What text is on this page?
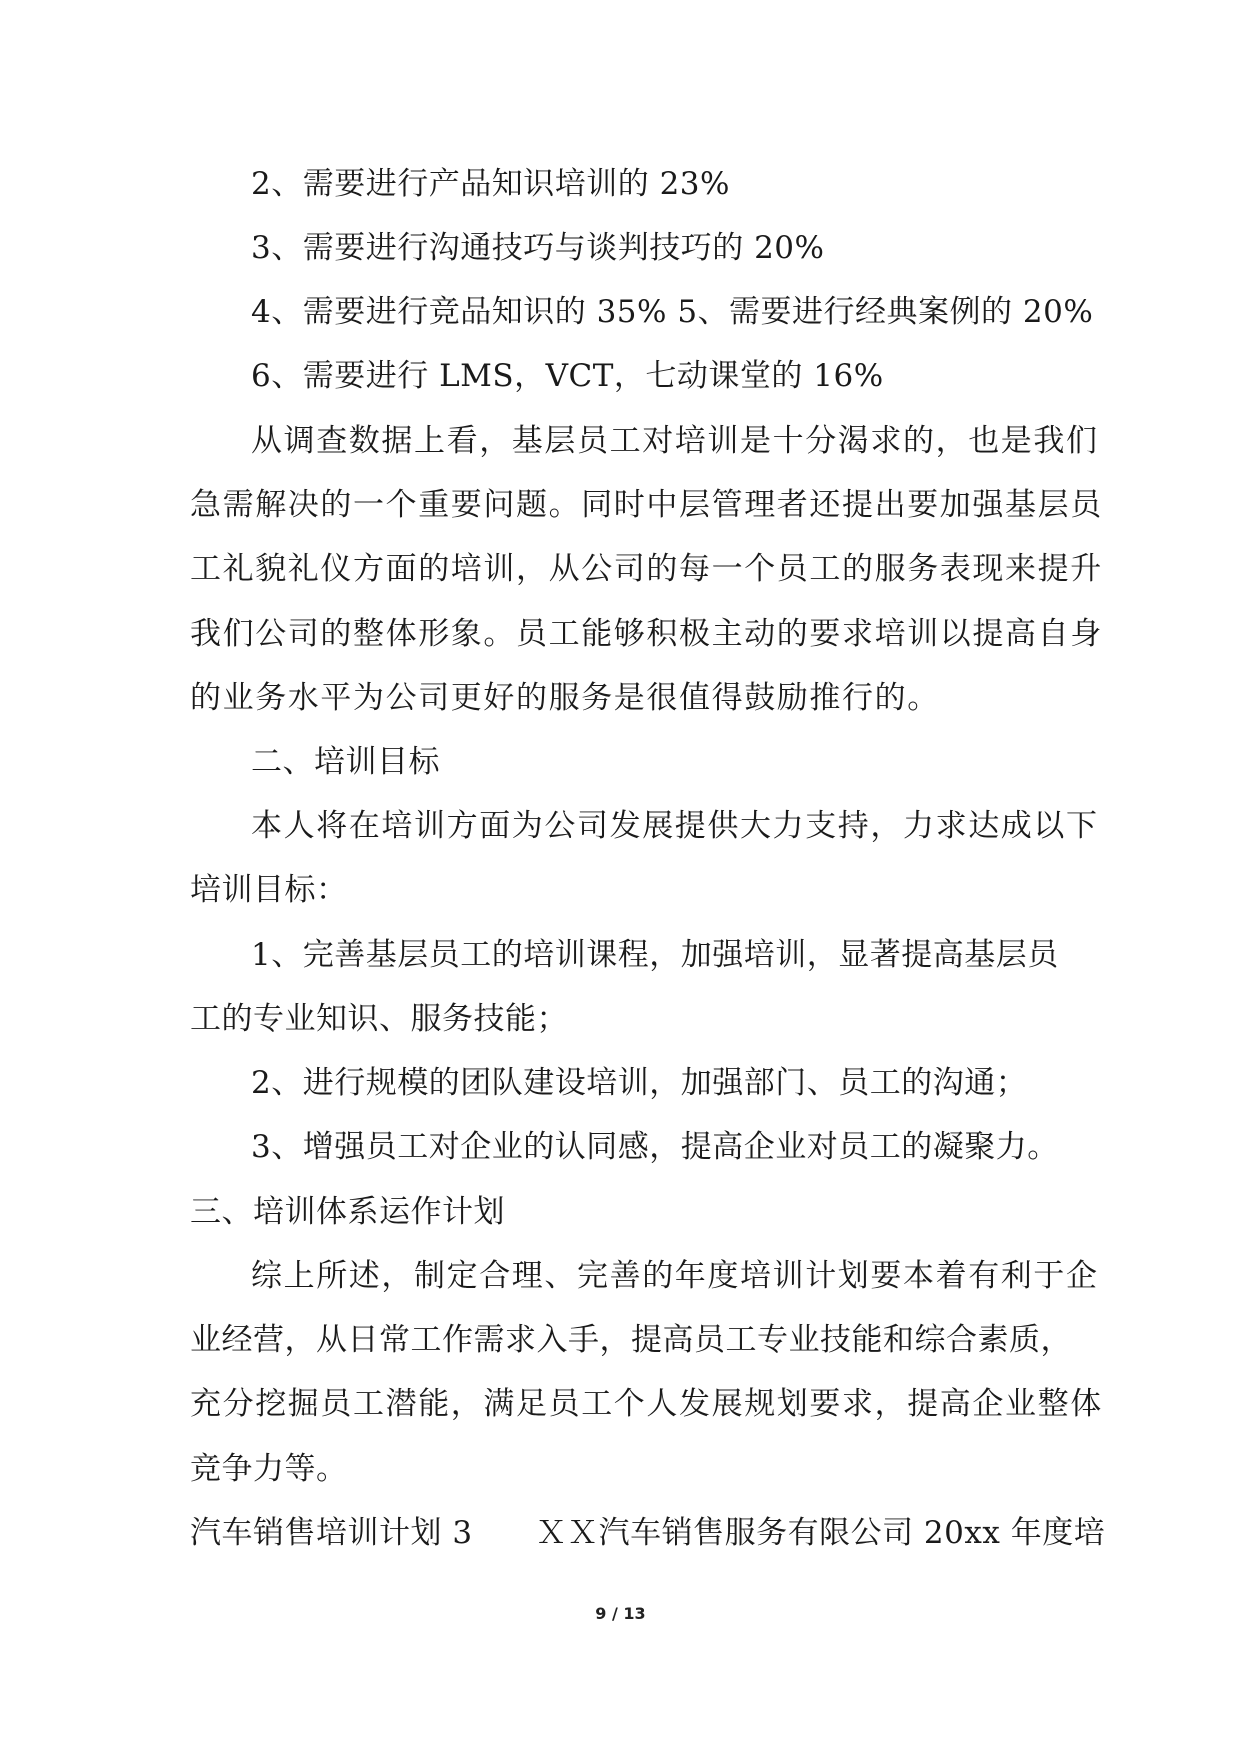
2、需要进行产品知识培训的 23%
3、需要进行沟通技巧与谈判技巧的 20%
4、需要进行竞品知识的 35% 5、需要进行经典案例的 20%
6、需要进行 LMS，VCT，七动课堂的 16%
从调查数据上看，基层员工对培训是十分渴求的，也是我们
急需解决的一个重要问题。同时中层管理者还提出要加强基层员
工礼貌礼仪方面的培训，从公司的每一个员工的服务表现来提升
我们公司的整体形象。员工能够积极主动的要求培训以提高自身
的业务水平为公司更好的服务是很值得鼓励推行的。
二、培训目标
本人将在培训方面为公司发展提供大力支持，力求达成以下
培训目标：
1、完善基层员工的培训课程，加强培训，显著提高基层员
工的专业知识、服务技能；
2、进行规模的团队建设培训，加强部门、员工的沟通；
3、增强员工对企业的认同感，提高企业对员工的凝聚力。
三、培训体系运作计划
综上所述，制定合理、完善的年度培训计划要本着有利于企
业经营，从日常工作需求入手，提高员工专业技能和综合素质，
充分挖掘员工潜能，满足员工个人发展规划要求，提高企业整体
竞争力等。
汽车销售培训计划 3　　ＸＸ汽车销售服务有限公司 20xx 年度培
9 / 13
